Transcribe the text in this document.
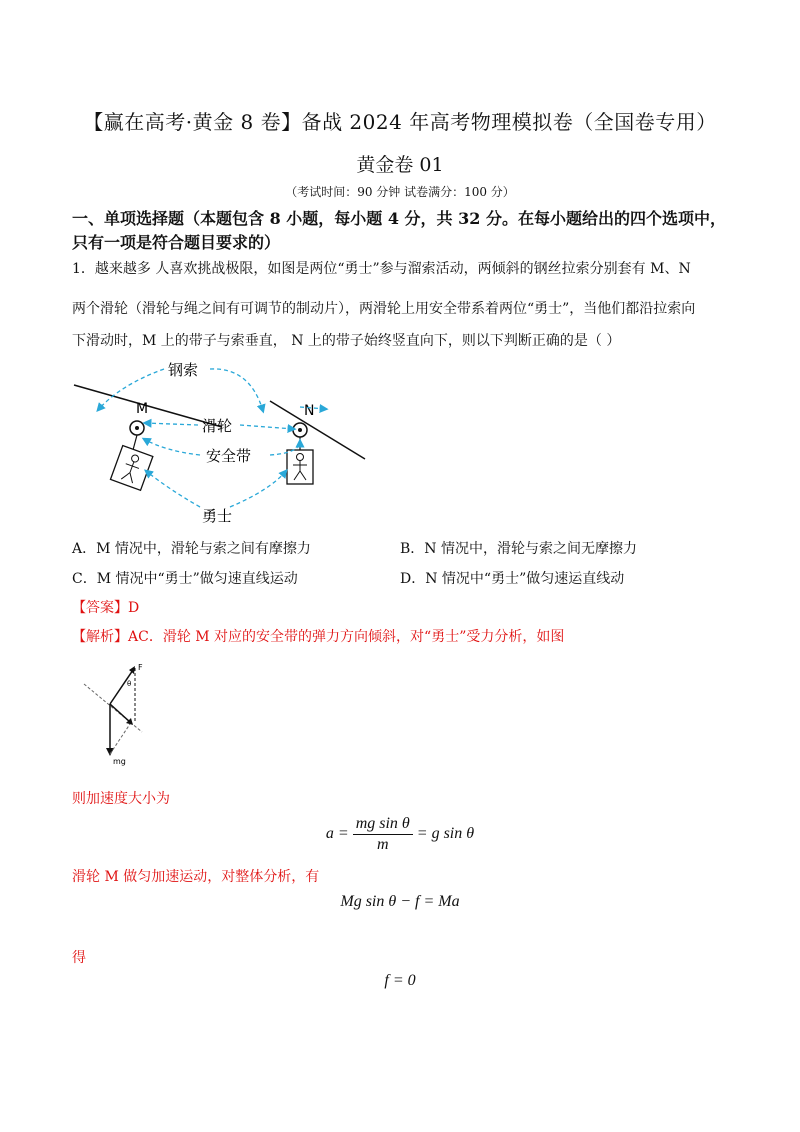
【赢在高考·黄金 8 卷】备战 2024 年高考物理模拟卷（全国卷专用）
黄金卷 01
（考试时间：90 分钟 试卷满分：100 分）
一、单项选择题（本题包含 8 小题，每小题 4 分，共 32 分。在每小题给出的四个选项中，只有一项是符合题目要求的）
1．越来越多 人喜欢挑战极限，如图是两位“勇士”参与溜索活动，两倾斜的钢丝拉索分别套有 M、N
两个滑轮（滑轮与绳之间有可调节的制动片），两滑轮上用安全带系着两位“勇士”，当他们都沿拉索向
下滑动时，M 上的带子与索垂直， N 上的带子始终竖直向下，则以下判断正确的是（ ）
钢索
M	N
滑轮
安全带
勇士
A．M 情况中，滑轮与索之间有摩擦力	B．N 情况中，滑轮与索之间无摩擦力
C．M 情况中“勇士”做匀速直线运动	D．N 情况中“勇士”做匀速运直线动
【答案】D
【解析】AC．滑轮 M 对应的安全带的弹力方向倾斜，对“勇士”受力分析，如图
F
θ
mg
则加速度大小为
$a = \frac{\text{mg sin θ}}{m} = g$ sin θ
滑轮 M 做匀加速运动，对整体分析，有
Mg sin θ − f = Ma
得
f = 0
